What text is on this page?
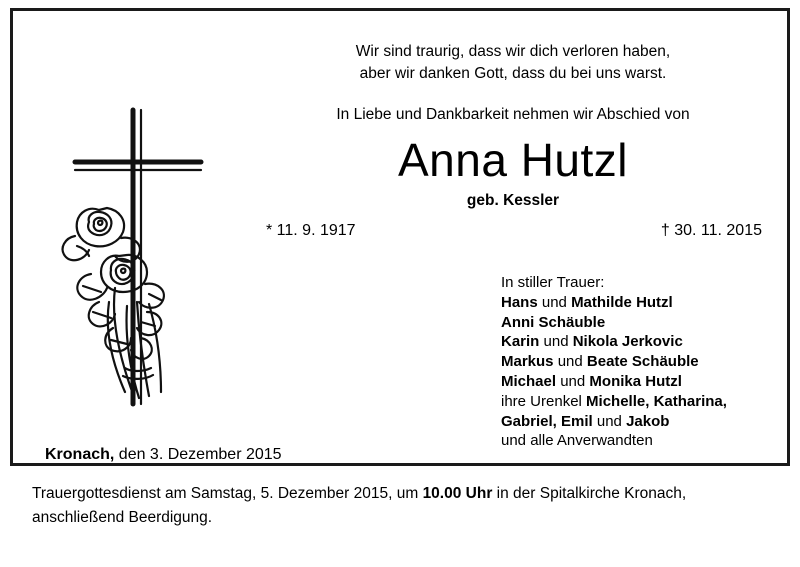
Wir sind traurig, dass wir dich verloren haben,
aber wir danken Gott, dass du bei uns warst.
In Liebe und Dankbarkeit nehmen wir Abschied von
Anna Hutzl
geb. Kessler
* 11. 9. 1917	† 30. 11. 2015
In stiller Trauer:
Hans und Mathilde Hutzl
Anni Schäuble
Karin und Nikola Jerkovic
Markus und Beate Schäuble
Michael und Monika Hutzl
ihre Urenkel Michelle, Katharina,
Gabriel, Emil und Jakob
und alle Anverwandten
Kronach, den 3. Dezember 2015
Trauergottesdienst am Samstag, 5. Dezember 2015, um 10.00 Uhr in der Spitalkirche Kronach,
anschließend Beerdigung.
